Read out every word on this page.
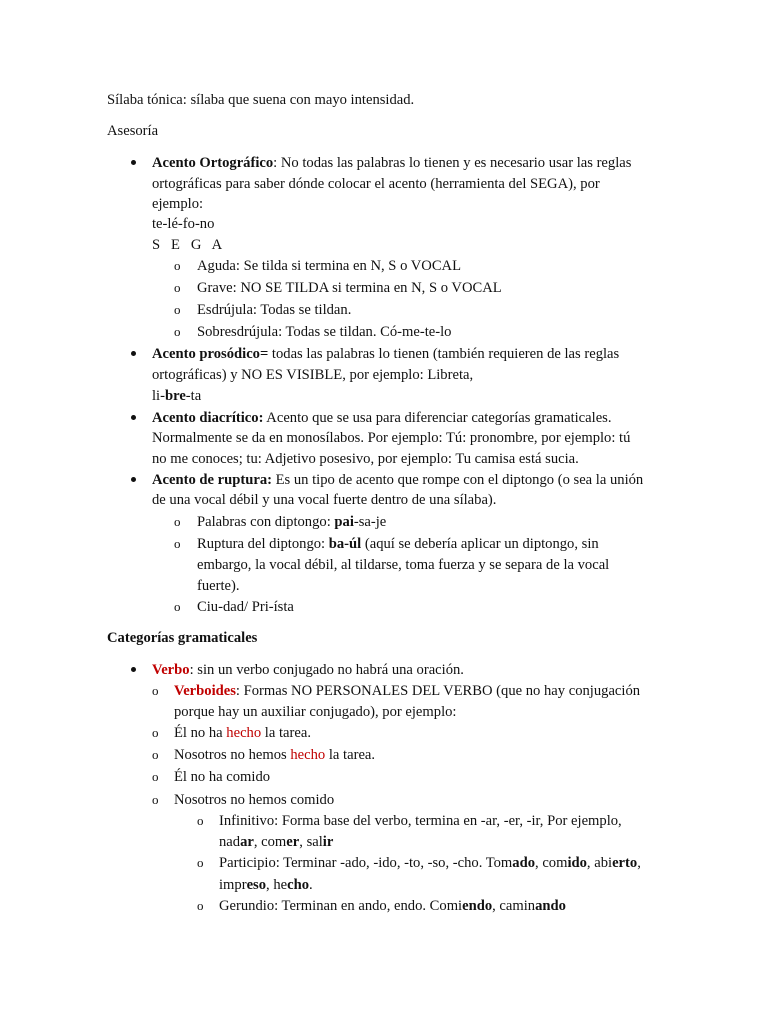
Sílaba tónica: sílaba que suena con mayo intensidad.
Asesoría
Acento Ortográfico: No todas las palabras lo tienen y es necesario usar las reglas
ortográficas para saber dónde colocar el acento (herramienta del SEGA), por
ejemplo:
te-lé-fo-no
S   E   G   A
o Aguda: Se tilda si termina en N, S o VOCAL
o Grave: NO SE TILDA si termina en N, S o VOCAL
o Esdrújula: Todas se tildan.
o Sobresdrújula: Todas se tildan. Có-me-te-lo
Acento prosódico= todas las palabras lo tienen (también requieren de las reglas
ortográficas) y NO ES VISIBLE, por ejemplo: Libreta,
li-bre-ta
Acento diacrítico: Acento que se usa para diferenciar categorías gramaticales.
Normalmente se da en monosílabos. Por ejemplo: Tú: pronombre, por ejemplo: tú
no me conoces; tu: Adjetivo posesivo, por ejemplo: Tu camisa está sucia.
Acento de ruptura: Es un tipo de acento que rompe con el diptongo (o sea la unión
de una vocal débil y una vocal fuerte dentro de una sílaba).
o Palabras con diptongo: pai-sa-je
o Ruptura del diptongo: ba-úl (aquí se debería aplicar un diptongo, sin
embargo, la vocal débil, al tildarse, toma fuerza y se separa de la vocal
fuerte).
o Ciu-dad/ Pri-ísta
Categorías gramaticales
Verbo: sin un verbo conjugado no habrá una oración.
o Verboides: Formas NO PERSONALES DEL VERBO (que no hay conjugación
porque hay un auxiliar conjugado), por ejemplo:
o Él no ha hecho la tarea.
o Nosotros no hemos hecho la tarea.
o Él no ha comido
o Nosotros no hemos comido
o Infinitivo: Forma base del verbo, termina en -ar, -er, -ir, Por ejemplo,
nadar, comer, salir
o Participio: Terminar -ado, -ido, -to, -so, -cho. Tomado, comido, abierto,
impreso, hecho.
o Gerundio: Terminan en ando, endo. Comiendo, caminando
